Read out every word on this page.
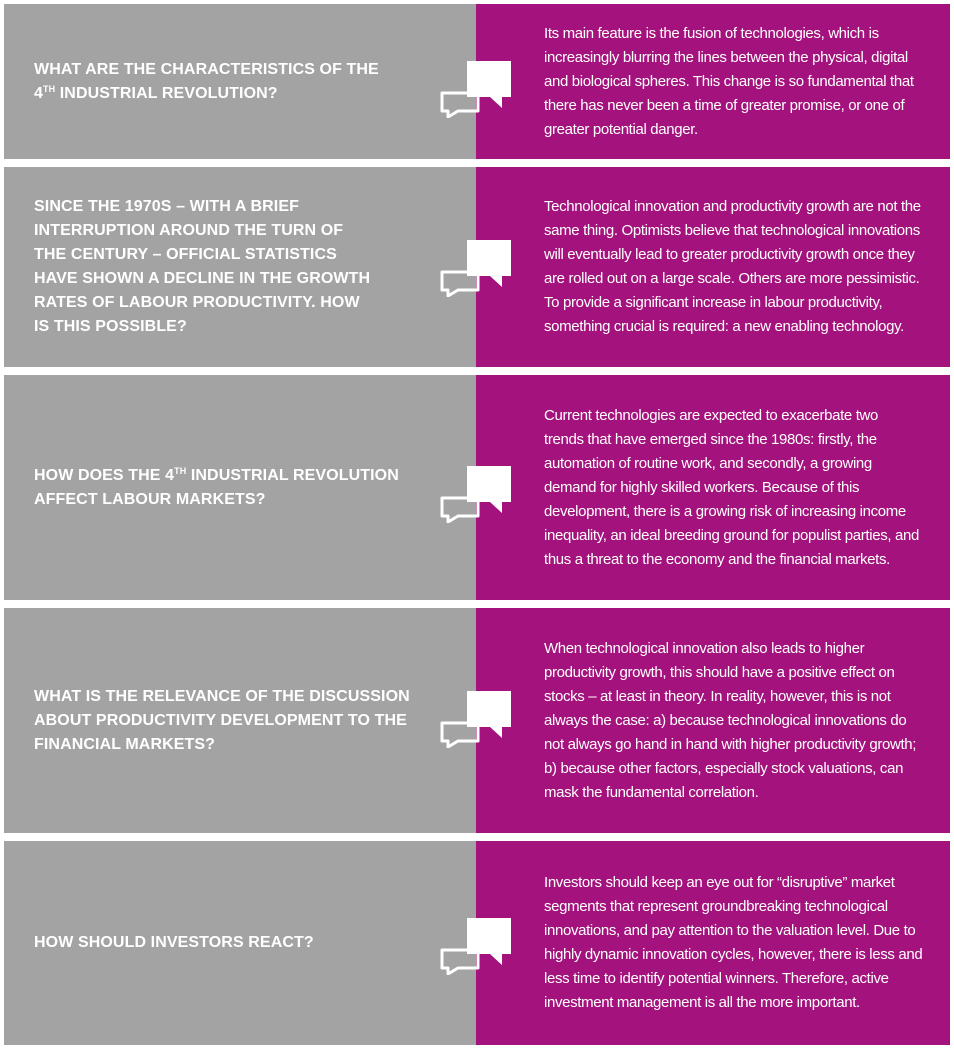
WHAT ARE THE CHARACTERISTICS OF THE 4TH INDUSTRIAL REVOLUTION?
Its main feature is the fusion of technologies, which is increasingly blurring the lines between the physical, digital and biological spheres. This change is so fundamental that there has never been a time of greater promise, or one of greater potential danger.
SINCE THE 1970S – WITH A BRIEF INTERRUPTION AROUND THE TURN OF THE CENTURY – OFFICIAL STATISTICS HAVE SHOWN A DECLINE IN THE GROWTH RATES OF LABOUR PRODUCTIVITY. HOW IS THIS POSSIBLE?
Technological innovation and productivity growth are not the same thing. Optimists believe that technological innovations will eventually lead to greater productivity growth once they are rolled out on a large scale. Others are more pessimistic. To provide a significant increase in labour productivity, something crucial is required: a new enabling technology.
HOW DOES THE 4TH INDUSTRIAL REVOLUTION AFFECT LABOUR MARKETS?
Current technologies are expected to exacerbate two trends that have emerged since the 1980s: firstly, the automation of routine work, and secondly, a growing demand for highly skilled workers. Because of this development, there is a growing risk of increasing income inequality, an ideal breeding ground for populist parties, and thus a threat to the economy and the financial markets.
WHAT IS THE RELEVANCE OF THE DISCUSSION ABOUT PRODUCTIVITY DEVELOPMENT TO THE FINANCIAL MARKETS?
When technological innovation also leads to higher productivity growth, this should have a positive effect on stocks – at least in theory. In reality, however, this is not always the case: a) because technological innovations do not always go hand in hand with higher productivity growth; b) because other factors, especially stock valuations, can mask the fundamental correlation.
HOW SHOULD INVESTORS REACT?
Investors should keep an eye out for “disruptive” market segments that represent groundbreaking technological innovations, and pay attention to the valuation level. Due to highly dynamic innovation cycles, however, there is less and less time to identify potential winners. Therefore, active investment management is all the more important.
